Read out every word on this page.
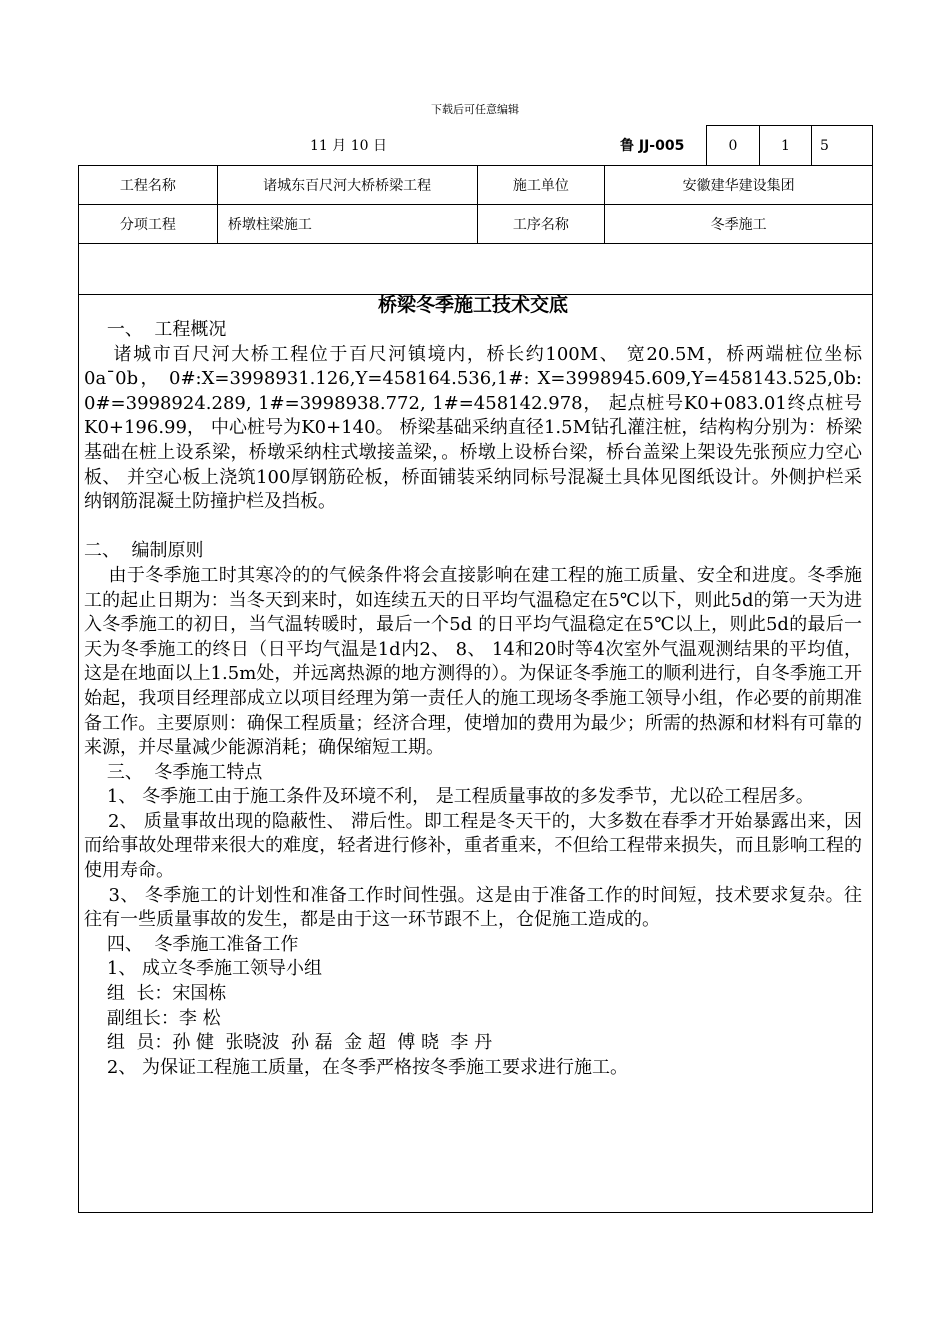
下载后可任意编辑
11 月 10 日	鲁 JJ-005	0	1	5
工程名称	诸城东百尺河大桥桥梁工程	施工单位	安徽建华建设集团
分项工程	桥墩柱梁施工	工序名称	冬季施工

桥梁冬季施工技术交底

一、  工程概况

诸城市百尺河大桥工程位于百尺河镇境内，桥长约100M、 宽20.5M，桥两端桩位坐标 0a¯0b， 0#:X=3998931.126,Y=458164.536,1#: X=3998945.609,Y=458143.525,0b: 0#=3998924.289, 1#=3998938.772, 1#=458142.978， 起点桩号K0+083.01终点桩号K0+196.99， 中心桩号为K0+140。 桥梁基础采纳直径1.5M钻孔灌注桩，结构构分别为：桥梁基础在桩上设系梁，桥墩采纳柱式墩接盖梁，。桥墩上设桥台梁，桥台盖梁上架设先张预应力空心板、 并空心板上浇筑100厚钢筋砼板，桥面铺装采纳同标号混凝土具体见图纸设计。外侧护栏采纳钢筋混凝土防撞护栏及挡板。

二、  编制原则

由于冬季施工时其寒冷的的气候条件将会直接影响在建工程的施工质量、安全和进度。冬季施工的起止日期为：当冬天到来时，如连续五天的日平均气温稳定在5℃以下，则此5d的第一天为进入冬季施工的初日，当气温转暖时，最后一个5d 的日平均气温稳定在5℃以上，则此5d的最后一天为冬季施工的终日（日平均气温是1d内2、 8、 14和20时等4次室外气温观测结果的平均值，这是在地面以上1.5m处，并远离热源的地方测得的）。为保证冬季施工的顺利进行，自冬季施工开始起，我项目经理部成立以项目经理为第一责任人的施工现场冬季施工领导小组，作必要的前期准备工作。主要原则：确保工程质量；经济合理，使增加的费用为最少；所需的热源和材料有可靠的来源，并尽量减少能源消耗；确保缩短工期。

三、  冬季施工特点

1、 冬季施工由于施工条件及环境不利， 是工程质量事故的多发季节，尤以砼工程居多。

2、 质量事故出现的隐蔽性、 滞后性。即工程是冬天干的，大多数在春季才开始暴露出来，因而给事故处理带来很大的难度，轻者进行修补，重者重来，不但给工程带来损失，而且影响工程的使用寿命。

3、 冬季施工的计划性和准备工作时间性强。这是由于准备工作的时间短，技术要求复杂。往往有一些质量事故的发生，都是由于这一环节跟不上，仓促施工造成的。

四、  冬季施工准备工作

1、 成立冬季施工领导小组

组  长：宋国栋

副组长：李 松

组  员：孙 健  张晓波  孙 磊  金 超  傅 晓  李 丹

2、 为保证工程施工质量，在冬季严格按冬季施工要求进行施工。
